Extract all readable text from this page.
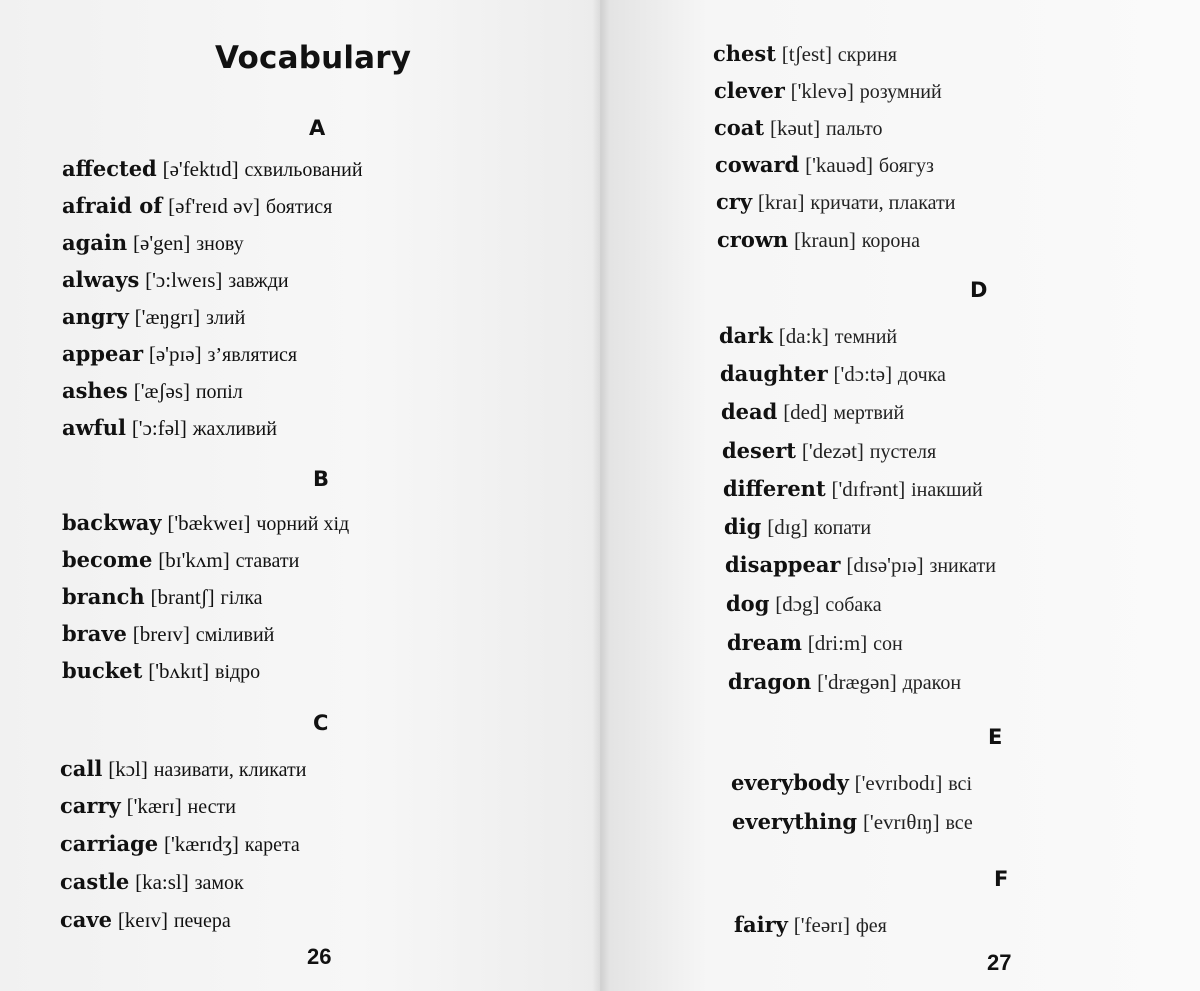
Vocabulary
A
affected [ə'fektɪd] схвильований
afraid of [əf'reɪd əv] боятися
again [ə'gen] знову
always ['ɔ:lweɪs] завжди
angry ['æŋgrɪ] злий
appear [ə'pɪə] з’являтися
ashes ['æʃəs] попіл
awful ['ɔ:fəl] жахливий
B
backway ['bækweɪ] чорний хід
become [bɪ'kʌm] ставати
branch [brantʃ] гілка
brave [breɪv] сміливий
bucket ['bʌkɪt] відро
C
call [kɔl] називати, кликати
carry ['kærɪ] нести
carriage ['kærɪdʒ] карета
castle [ka:sl] замок
cave [keɪv] печера
26
chest [tʃest] скриня
clever ['klevə] розумний
coat [kəut] пальто
coward ['kauəd] боягуз
cry [kraɪ] кричати, плакати
crown [kraun] корона
D
dark [da:k] темний
daughter ['dɔ:tə] дочка
dead [ded] мертвий
desert ['dezət] пустеля
different ['dɪfrənt] інакший
dig [dɪg] копати
disappear [dɪsə'pɪə] зникати
dog [dɔg] собака
dream [dri:m] сон
dragon ['drægən] дракон
E
everybody ['evrɪbodɪ] всі
everything ['evrɪθɪŋ] все
F
fairy ['feərɪ] фея
27
